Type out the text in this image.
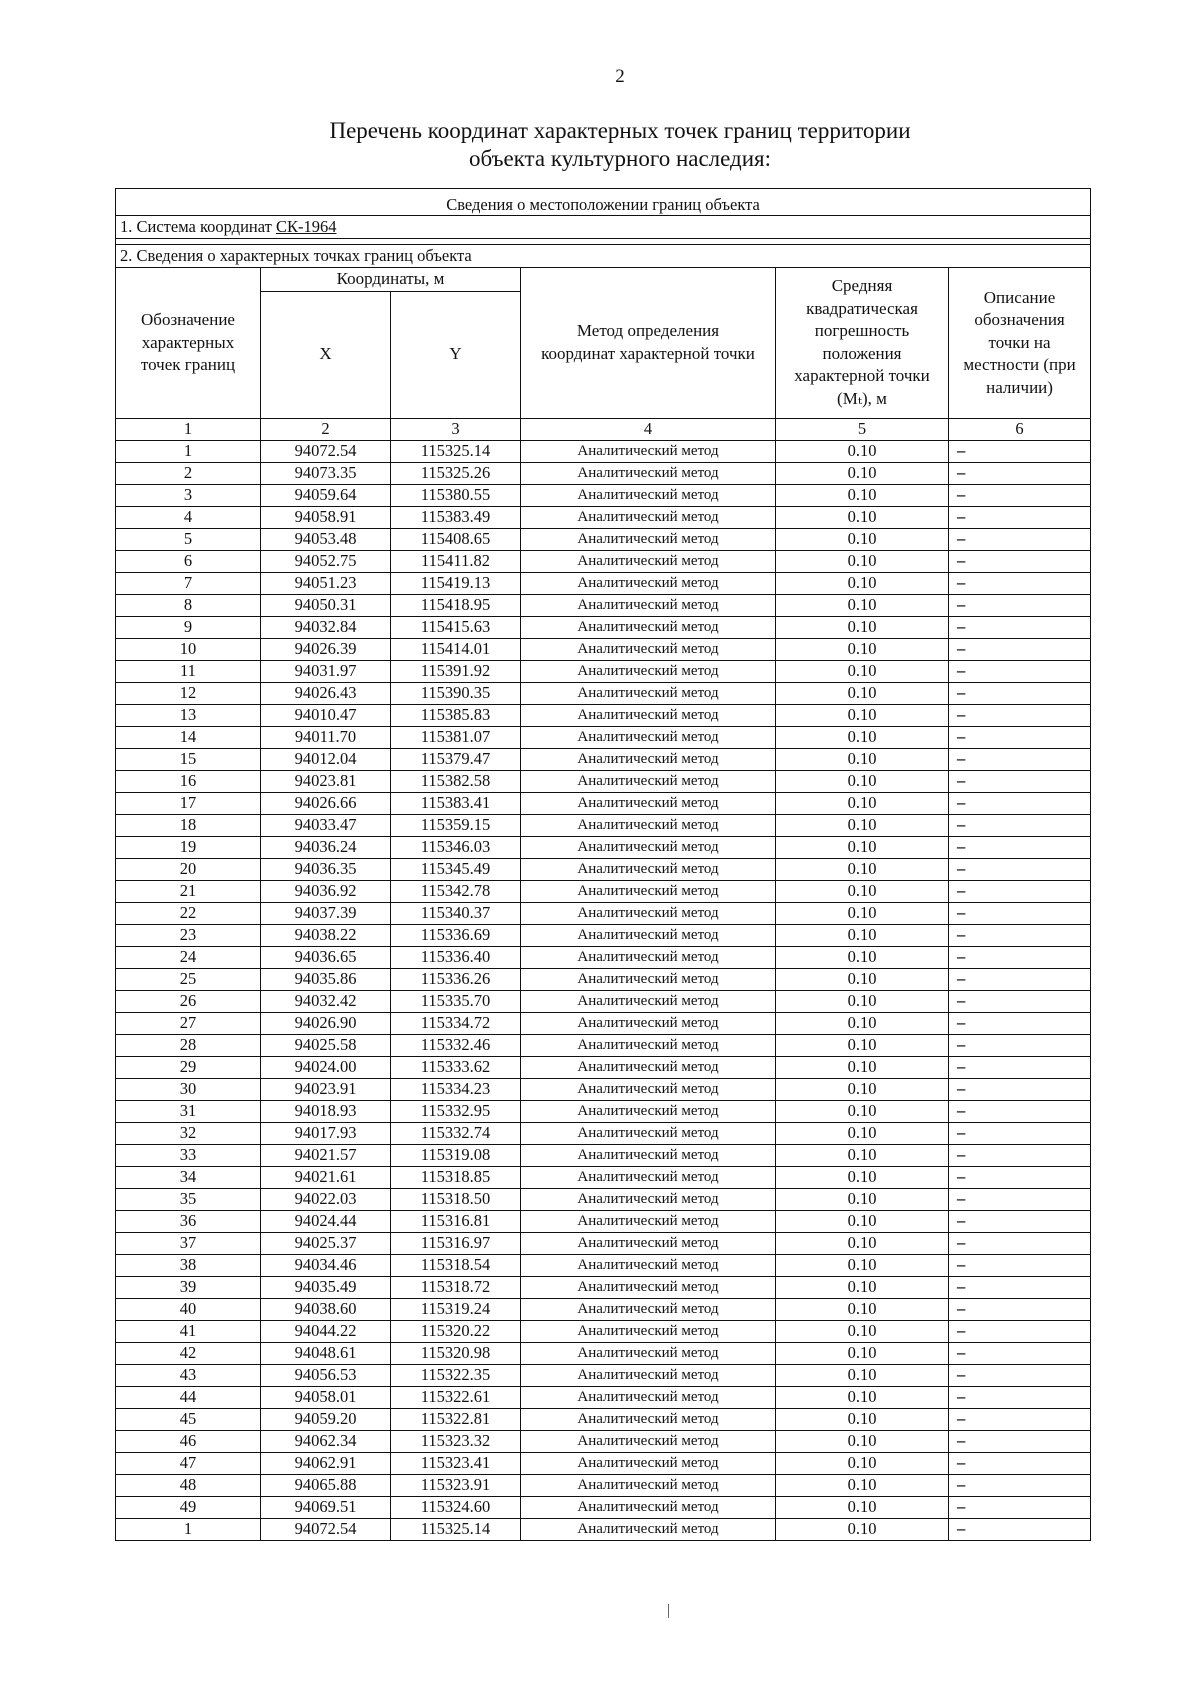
2
Перечень координат характерных точек границ территории
объекта культурного наследия:

Сведения о местоположении границ объекта					
1. Система координат СК-1964					

2. Сведения о характерных точках границ объекта					
Обозначение характерных точек границ	Координаты, м		Метод определения координат характерной точки	Средняя квадратическая погрешность положения характерной точки (Mₜ), м	Описание обозначения точки на местности (при наличии)
	X	Y			
1	2	3	4	5	6
1	94072.54	115325.14	Аналитический метод	0.10	–
2	94073.35	115325.26	Аналитический метод	0.10	–
3	94059.64	115380.55	Аналитический метод	0.10	–
4	94058.91	115383.49	Аналитический метод	0.10	–
5	94053.48	115408.65	Аналитический метод	0.10	–
6	94052.75	115411.82	Аналитический метод	0.10	–
7	94051.23	115419.13	Аналитический метод	0.10	–
8	94050.31	115418.95	Аналитический метод	0.10	–
9	94032.84	115415.63	Аналитический метод	0.10	–
10	94026.39	115414.01	Аналитический метод	0.10	–
11	94031.97	115391.92	Аналитический метод	0.10	–
12	94026.43	115390.35	Аналитический метод	0.10	–
13	94010.47	115385.83	Аналитический метод	0.10	–
14	94011.70	115381.07	Аналитический метод	0.10	–
15	94012.04	115379.47	Аналитический метод	0.10	–
16	94023.81	115382.58	Аналитический метод	0.10	–
17	94026.66	115383.41	Аналитический метод	0.10	–
18	94033.47	115359.15	Аналитический метод	0.10	–
19	94036.24	115346.03	Аналитический метод	0.10	–
20	94036.35	115345.49	Аналитический метод	0.10	–
21	94036.92	115342.78	Аналитический метод	0.10	–
22	94037.39	115340.37	Аналитический метод	0.10	–
23	94038.22	115336.69	Аналитический метод	0.10	–
24	94036.65	115336.40	Аналитический метод	0.10	–
25	94035.86	115336.26	Аналитический метод	0.10	–
26	94032.42	115335.70	Аналитический метод	0.10	–
27	94026.90	115334.72	Аналитический метод	0.10	–
28	94025.58	115332.46	Аналитический метод	0.10	–
29	94024.00	115333.62	Аналитический метод	0.10	–
30	94023.91	115334.23	Аналитический метод	0.10	–
31	94018.93	115332.95	Аналитический метод	0.10	–
32	94017.93	115332.74	Аналитический метод	0.10	–
33	94021.57	115319.08	Аналитический метод	0.10	–
34	94021.61	115318.85	Аналитический метод	0.10	–
35	94022.03	115318.50	Аналитический метод	0.10	–
36	94024.44	115316.81	Аналитический метод	0.10	–
37	94025.37	115316.97	Аналитический метод	0.10	–
38	94034.46	115318.54	Аналитический метод	0.10	–
39	94035.49	115318.72	Аналитический метод	0.10	–
40	94038.60	115319.24	Аналитический метод	0.10	–
41	94044.22	115320.22	Аналитический метод	0.10	–
42	94048.61	115320.98	Аналитический метод	0.10	–
43	94056.53	115322.35	Аналитический метод	0.10	–
44	94058.01	115322.61	Аналитический метод	0.10	–
45	94059.20	115322.81	Аналитический метод	0.10	–
46	94062.34	115323.32	Аналитический метод	0.10	–
47	94062.91	115323.41	Аналитический метод	0.10	–
48	94065.88	115323.91	Аналитический метод	0.10	–
49	94069.51	115324.60	Аналитический метод	0.10	–
1	94072.54	115325.14	Аналитический метод	0.10	–
